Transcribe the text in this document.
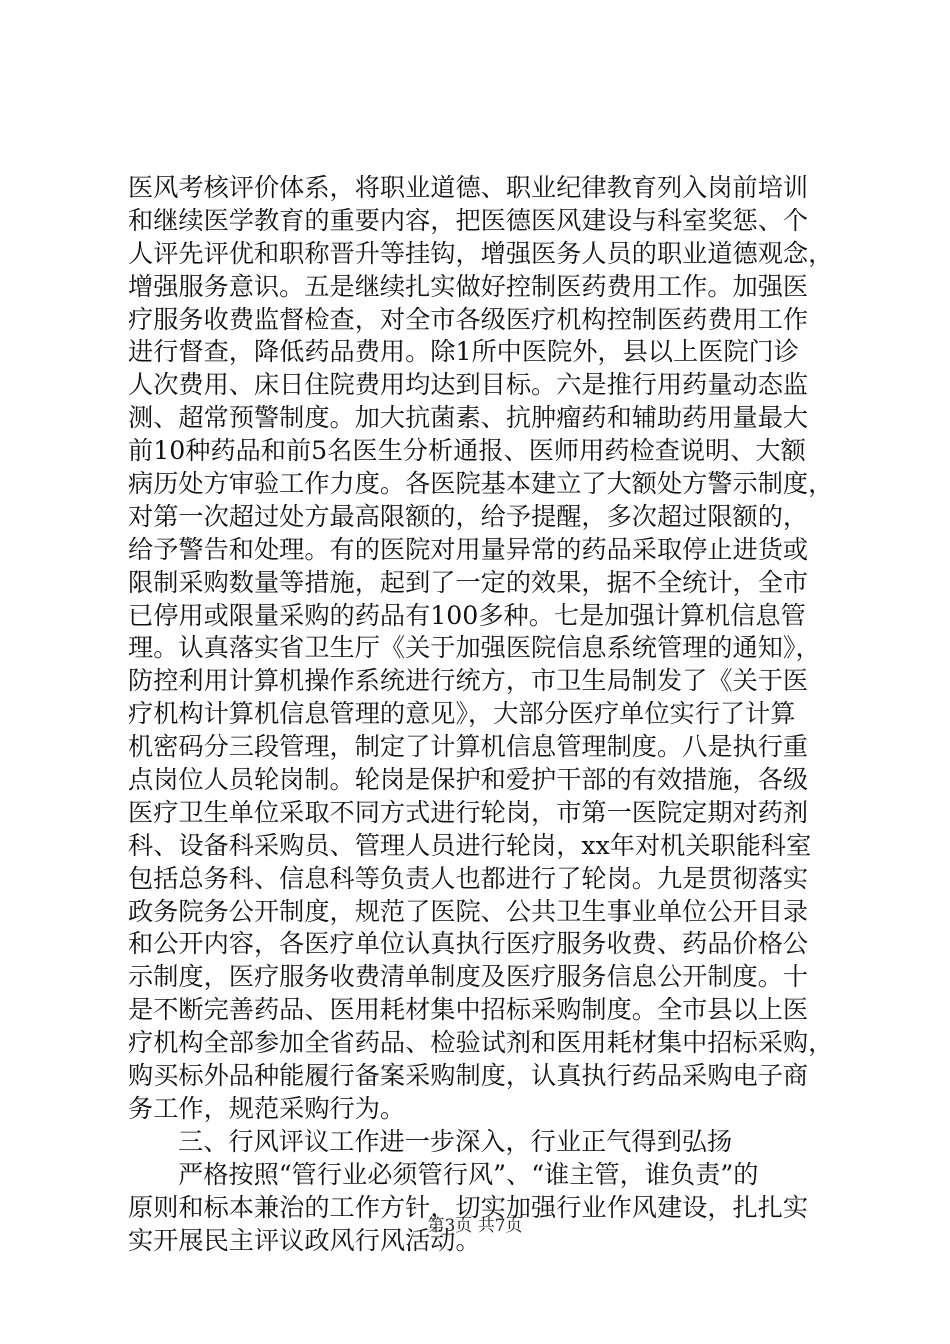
医风考核评价体系，将职业道德、职业纪律教育列入岗前培训
和继续医学教育的重要内容，把医德医风建设与科室奖惩、个
人评先评优和职称晋升等挂钩，增强医务人员的职业道德观念，
增强服务意识。五是继续扎实做好控制医药费用工作。加强医
疗服务收费监督检查，对全市各级医疗机构控制医药费用工作
进行督查，降低药品费用。除1所中医院外，县以上医院门诊
人次费用、床日住院费用均达到目标。六是推行用药量动态监
测、超常预警制度。加大抗菌素、抗肿瘤药和辅助药用量最大
前10种药品和前5名医生分析通报、医师用药检查说明、大额
病历处方审验工作力度。各医院基本建立了大额处方警示制度，
对第一次超过处方最高限额的，给予提醒，多次超过限额的，
给予警告和处理。有的医院对用量异常的药品采取停止进货或
限制采购数量等措施，起到了一定的效果，据不全统计，全市
已停用或限量采购的药品有100多种。七是加强计算机信息管
理。认真落实省卫生厅《关于加强医院信息系统管理的通知》，
防控利用计算机操作系统进行统方，市卫生局制发了《关于医
疗机构计算机信息管理的意见》，大部分医疗单位实行了计算
机密码分三段管理，制定了计算机信息管理制度。八是执行重
点岗位人员轮岗制。轮岗是保护和爱护干部的有效措施，各级
医疗卫生单位采取不同方式进行轮岗，市第一医院定期对药剂
科、设备科采购员、管理人员进行轮岗，xx年对机关职能科室
包括总务科、信息科等负责人也都进行了轮岗。九是贯彻落实
政务院务公开制度，规范了医院、公共卫生事业单位公开目录
和公开内容，各医疗单位认真执行医疗服务收费、药品价格公
示制度，医疗服务收费清单制度及医疗服务信息公开制度。十
是不断完善药品、医用耗材集中招标采购制度。全市县以上医
疗机构全部参加全省药品、检验试剂和医用耗材集中招标采购，
购买标外品种能履行备案采购制度，认真执行药品采购电子商
务工作，规范采购行为。
三、行风评议工作进一步深入，行业正气得到弘扬
严格按照“管行业必须管行风”、“谁主管，谁负责”的
原则和标本兼治的工作方针，切实加强行业作风建设，扎扎实
实开展民主评议政风行风活动。
第3页 共7页
